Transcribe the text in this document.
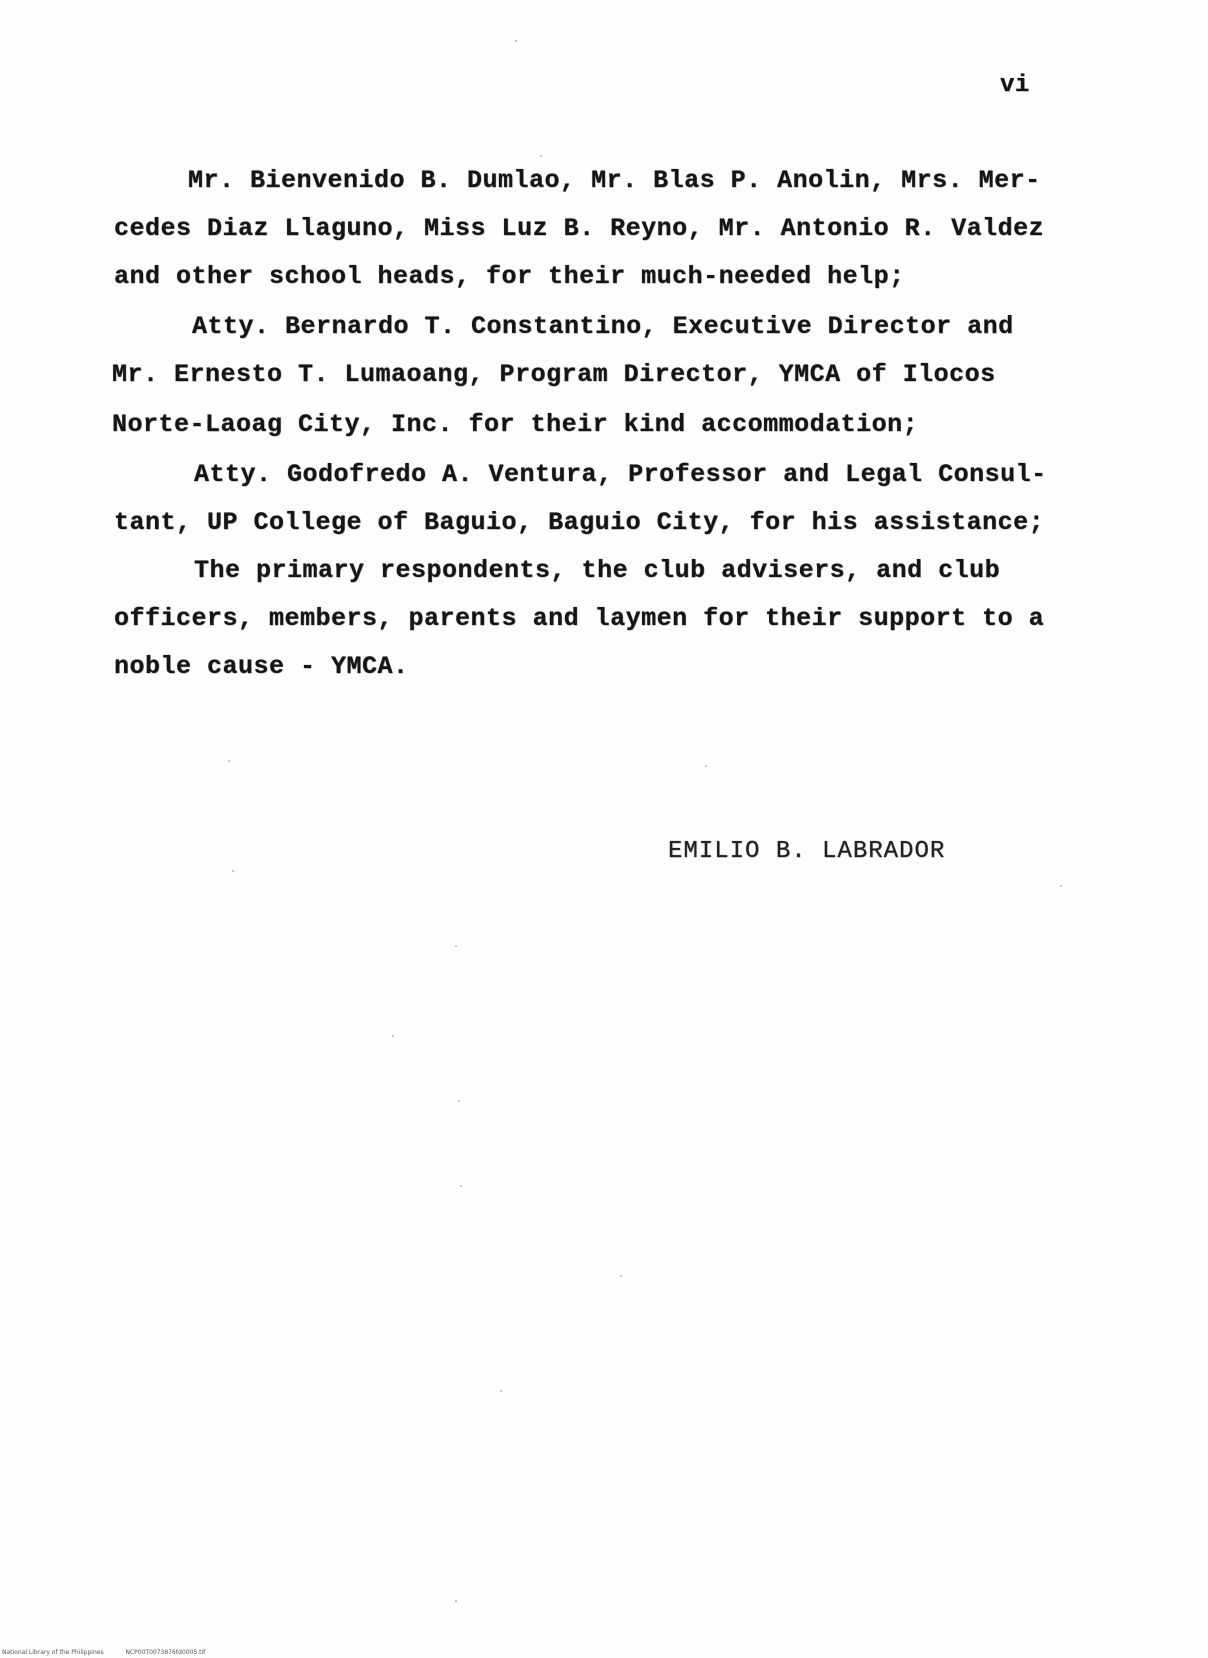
vi
Mr. Bienvenido B. Dumlao, Mr. Blas P. Anolin, Mrs. Mer-
cedes Diaz Llaguno, Miss Luz B. Reyno, Mr. Antonio R. Valdez
and other school heads, for their much-needed help;
Atty. Bernardo T. Constantino, Executive Director and
Mr. Ernesto T. Lumaoang, Program Director, YMCA of Ilocos
Norte-Laoag City, Inc. for their kind accommodation;
Atty. Godofredo A. Ventura, Professor and Legal Consul-
tant, UP College of Baguio, Baguio City, for his assistance;
The primary respondents, the club advisers, and club
officers, members, parents and laymen for their support to a
noble cause - YMCA.
EMILIO B. LABRADOR
National Library of the Philippines	NCP00T0073876td0005.tif
